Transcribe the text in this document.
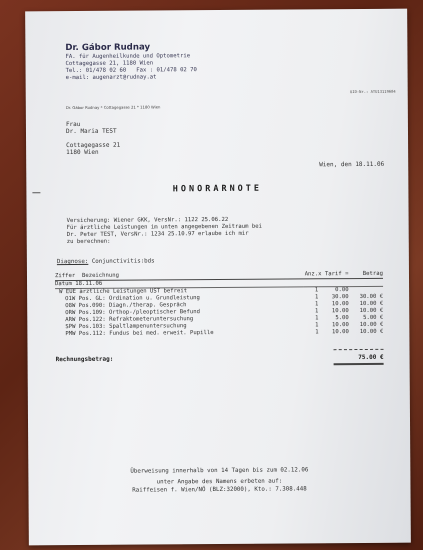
Dr. Gábor Rudnay
FA. für Augenheilkunde und Optometrie
Cottagegasse 21, 1180 Wien
Tel.: 01/478 02 60   Fax : 01/478 02 70
e-mail: augenarzt@rudnay.at
UID-Nr.: ATU13119604
Dr. Gábor Rudnay * Cottagegasse 21 * 1180 Wien
Frau
Dr. Maria TEST
Cottagegasse 21
1180 Wien
Wien, den 18.11.06
HONORARNOTE
Versicherung: Wiener GKK, VersNr.: 1122 25.06.22
Für ärztliche Leistungen im unten angegebenen Zeitraum bei
Dr. Peter TEST, VersNr.: 1234 25.10.97 erlaube ich mir
zu berechnen:
Diagnose: Conjunctivitis:bds
Ziffer Bezeichnung		Anz.	x Tarif =	Betrag
Datum 18.11.06				
W EUE ärztliche Leistungen UST befreit		1	0.00	
O1W Pos. GL: Ordination u. Grundleistung		1	30.00	30.00 €
O8W Pos.090: Diagn./therap. Gespräch		1	10.00	10.00 €
ORW Pos.109: Orthop-/pleoptischer Befund		1	10.00	10.00 €
ARW Pos.122: Refraktometeruntersuchung		1	5.00	5.00 €
SPW Pos.103: Spaltlampenuntersuchung		1	10.00	10.00 €
PMW Pos.112: Fundus bei med. erweit. Pupille		1	10.00	10.00 €
Rechnungsbetrag:	75.00 €
Überweisung innerhalb von 14 Tagen bis zum 02.12.06
unter Angabe des Namens erbeten auf:
Raiffeisen f. Wien/NÖ (BLZ:32000), Kto.: 7.308.448
